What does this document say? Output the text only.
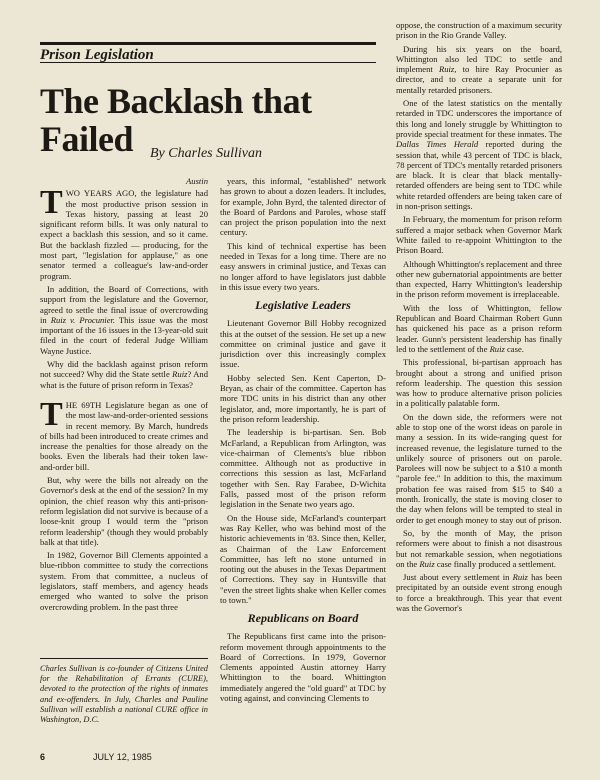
Prison Legislation
The Backlash that Failed	By Charles Sullivan
Austin

TWO YEARS AGO, the legislature had the most productive prison session in Texas history, passing at least 20 significant reform bills. It was only natural to expect a backlash this session, and so it came. But the backlash fizzled — producing, for the most part, "legislation for applause," as one senator termed a colleague's law-and-order program.

In addition, the Board of Corrections, with support from the legislature and the Governor, agreed to settle the final issue of overcrowding in Ruiz v. Procunier. This issue was the most important of the 16 issues in the 13-year-old suit filed in the court of federal Judge William Wayne Justice.

Why did the backlash against prison reform not succeed? Why did the State settle Ruiz? And what is the future of prison reform in Texas?

THE 69TH Legislature began as one of the most law-and-order-oriented sessions in recent memory. By March, hundreds of bills had been introduced to create crimes and increase the penalties for those already on the books. Even the liberals had their token law-and-order bill.

But, why were the bills not already on the Governor's desk at the end of the session? In my opinion, the chief reason why this anti-prison-reform legislation did not survive is because of a loose-knit group I would term the "prison reform leadership" (though they would probably balk at that title).

In 1982, Governor Bill Clements appointed a blue-ribbon committee to study the corrections system. From that committee, a nucleus of legislators, staff members, and agency heads emerged who wanted to solve the prison overcrowding problem. In the past three

Charles Sullivan is co-founder of Citizens United for the Rehabilitation of Errants (CURE), devoted to the protection of the rights of inmates and ex-offenders. In July, Charles and Pauline Sullivan will establish a national CURE office in Washington, D.C.
6	JULY 12, 1985

years, this informal, "established" network has grown to about a dozen leaders. It includes, for example, John Byrd, the talented director of the Board of Pardons and Paroles, whose staff can project the prison population into the next century.

This kind of technical expertise has been needed in Texas for a long time. There are no easy answers in criminal justice, and Texas can no longer afford to have legislators just dabble in this issue every two years.

Legislative Leaders

Lieutenant Governor Bill Hobby recognized this at the outset of the session. He set up a new committee on criminal justice and gave it jurisdiction over this increasingly complex issue.

Hobby selected Sen. Kent Caperton, D-Bryan, as chair of the committee. Caperton has more TDC units in his district than any other legislator, and, more importantly, he is part of the prison reform leadership.

The leadership is bi-partisan. Sen. Bob McFarland, a Republican from Arlington, was vice-chairman of Clements's blue ribbon committee. Although not as productive in corrections this session as last, McFarland together with Sen. Ray Farabee, D-Wichita Falls, passed most of the prison reform legislation in the Senate two years ago.

On the House side, McFarland's counterpart was Ray Keller, who was behind most of the historic achievements in '83. Since then, Keller, as Chairman of the Law Enforcement Committee, has left no stone unturned in rooting out the abuses in the Texas Department of Corrections. They say in Huntsville that "even the street lights shake when Keller comes to town."

Republicans on Board

The Republicans first came into the prison-reform movement through appointments to the Board of Corrections. In 1979, Governor Clements appointed Austin attorney Harry Whittington to the board. Whittington immediately angered the "old guard" at TDC by voting against, and convincing Clements to

oppose, the construction of a maximum security prison in the Rio Grande Valley.

During his six years on the board, Whittington also led TDC to settle and implement Ruiz, to hire Ray Procunier as director, and to create a separate unit for mentally retarded prisoners.

One of the latest statistics on the mentally retarded in TDC underscores the importance of this long and lonely struggle by Whittington to provide special treatment for these inmates. The Dallas Times Herald reported during the session that, while 43 percent of TDC is black, 78 percent of TDC's mentally retarded prisoners are black. It is clear that black mentally-retarded offenders are being sent to TDC while white retarded offenders are being taken care of in non-prison settings.

In February, the momentum for prison reform suffered a major setback when Governor Mark White failed to re-appoint Whittington to the Prison Board.

Although Whittington's replacement and three other new gubernatorial appointments are better than expected, Harry Whittington's leadership in the prison reform movement is irreplaceable.

With the loss of Whittington, fellow Republican and Board Chairman Robert Gunn has quickened his pace as a prison reform leader. Gunn's persistent leadership has finally led to the settlement of the Ruiz case.

This professional, bi-partisan approach has brought about a strong and unified prison reform leadership. The question this session was how to produce alternative prison policies in a politically palatable form.

On the down side, the reformers were not able to stop one of the worst ideas on parole in many a session. In its wide-ranging quest for increased revenue, the legislature turned to the unlikely source of prisoners out on parole. Parolees will now be subject to a $10 a month "parole fee." In addition to this, the maximum probation fee was raised from $15 to $40 a month. Ironically, the state is moving closer to the day when felons will be tempted to steal in order to get enough money to stay out of prison.

So, by the month of May, the prison reformers were about to finish a not disastrous but not remarkable session, when negotiations on the Ruiz case finally produced a settlement.

Just about every settlement in Ruiz has been precipitated by an outside event strong enough to force a breakthrough. This year that event was the Governor's
